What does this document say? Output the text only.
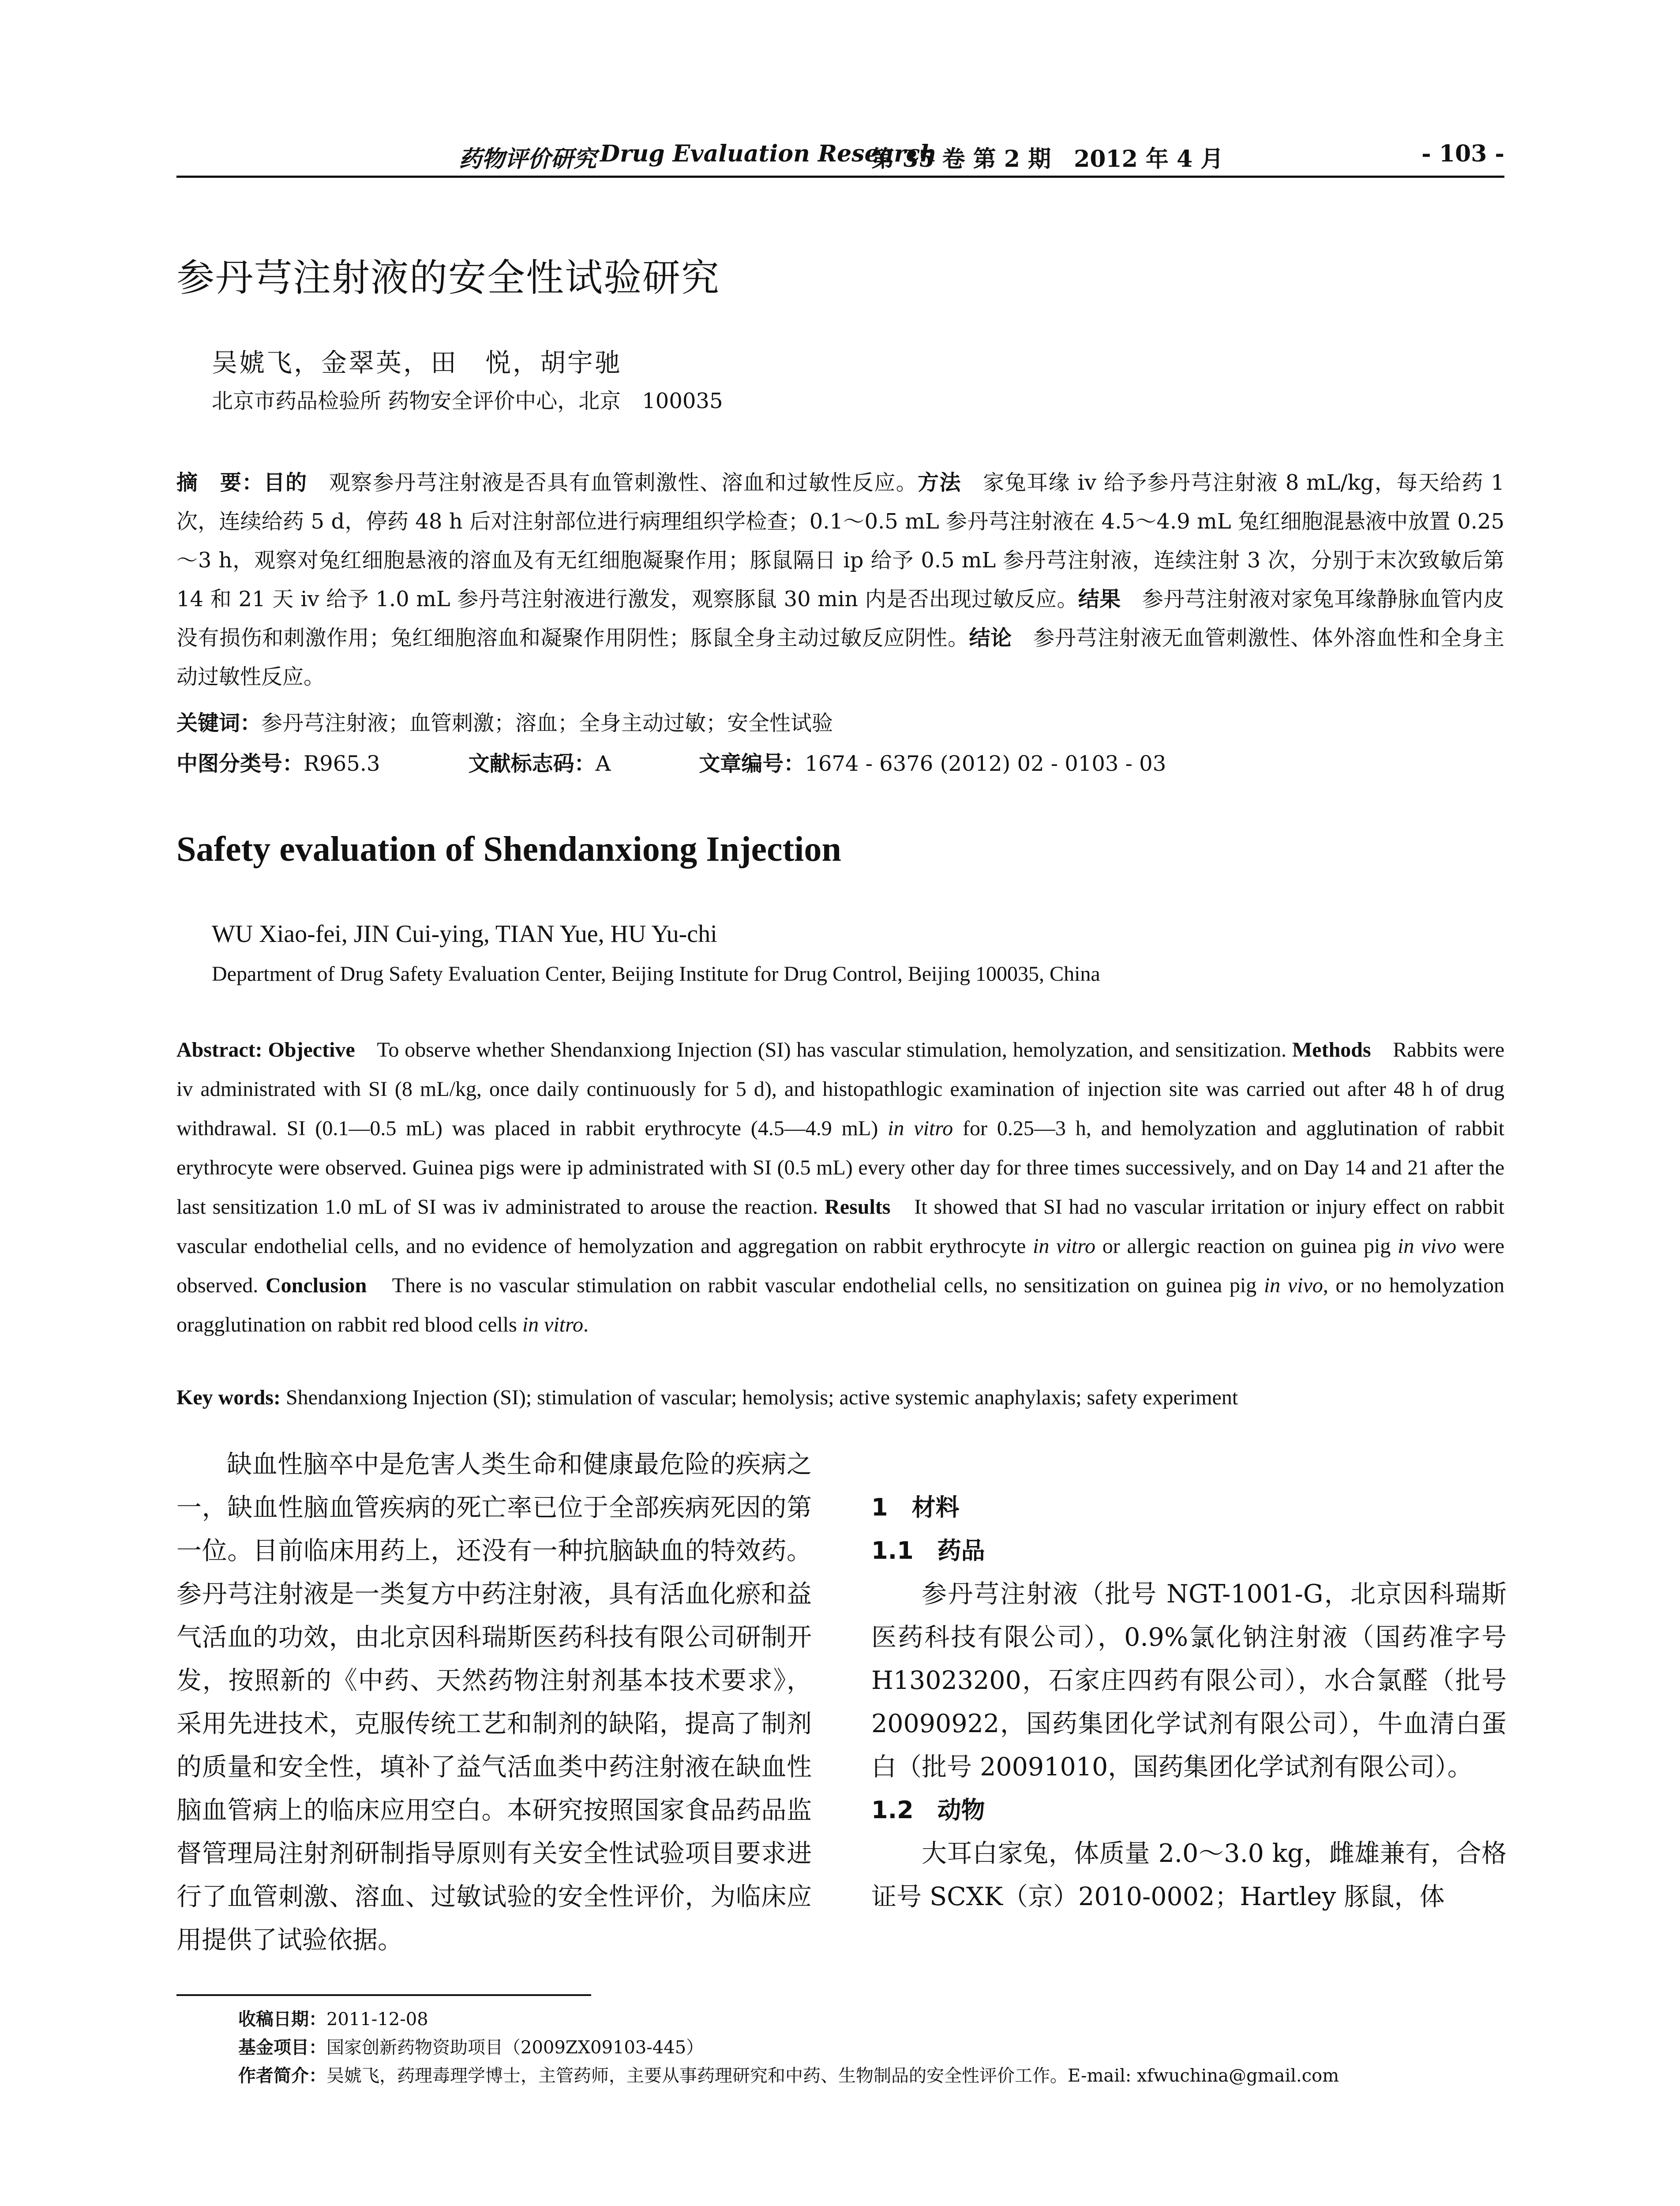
药物评价研究 Drug Evaluation Research
第 35 卷 第 2 期　2012 年 4 月	- 103 -
参丹芎注射液的安全性试验研究
吴婋飞，金翠英，田　悦，胡宇驰
北京市药品检验所 药物安全评价中心，北京　100035
摘　要：目的　观察参丹芎注射液是否具有血管刺激性、溶血和过敏性反应。方法　家兔耳缘 iv 给予参丹芎注射液 8 mL/kg，每天给药 1 次，连续给药 5 d，停药 48 h 后对注射部位进行病理组织学检查；0.1～0.5 mL 参丹芎注射液在 4.5～4.9 mL 兔红细胞混悬液中放置 0.25～3 h，观察对兔红细胞悬液的溶血及有无红细胞凝聚作用；豚鼠隔日 ip 给予 0.5 mL 参丹芎注射液，连续注射 3 次，分别于末次致敏后第 14 和 21 天 iv 给予 1.0 mL 参丹芎注射液进行激发，观察豚鼠 30 min 内是否出现过敏反应。结果　参丹芎注射液对家兔耳缘静脉血管内皮没有损伤和刺激作用；兔红细胞溶血和凝聚作用阴性；豚鼠全身主动过敏反应阴性。结论　参丹芎注射液无血管刺激性、体外溶血性和全身主动过敏性反应。
关键词：参丹芎注射液；血管刺激；溶血；全身主动过敏；安全性试验
中图分类号：R965.3	文献标志码：A	文章编号：1674 - 6376 (2012) 02 - 0103 - 03
Safety evaluation of Shendanxiong Injection
WU Xiao-fei, JIN Cui-ying, TIAN Yue, HU Yu-chi
Department of Drug Safety Evaluation Center, Beijing Institute for Drug Control, Beijing 100035, China
Abstract: Objective　To observe whether Shendanxiong Injection (SI) has vascular stimulation, hemolyzation, and sensitization. Methods　Rabbits were iv administrated with SI (8 mL/kg, once daily continuously for 5 d), and histopathlogic examination of injection site was carried out after 48 h of drug withdrawal. SI (0.1—0.5 mL) was placed in rabbit erythrocyte (4.5—4.9 mL) in vitro for 0.25—3 h, and hemolyzation and agglutination of rabbit erythrocyte were observed. Guinea pigs were ip administrated with SI (0.5 mL) every other day for three times successively, and on Day 14 and 21 after the last sensitization 1.0 mL of SI was iv administrated to arouse the reaction. Results　It showed that SI had no vascular irritation or injury effect on rabbit vascular endothelial cells, and no evidence of hemolyzation and aggregation on rabbit erythrocyte in vitro or allergic reaction on guinea pig in vivo were observed. Conclusion　There is no vascular stimulation on rabbit vascular endothelial cells, no sensitization on guinea pig in vivo, or no hemolyzation oragglutination on rabbit red blood cells in vitro.
Key words: Shendanxiong Injection (SI); stimulation of vascular; hemolysis; active systemic anaphylaxis; safety experiment
缺血性脑卒中是危害人类生命和健康最危险的疾病之一，缺血性脑血管疾病的死亡率已位于全部疾病死因的第一位。目前临床用药上，还没有一种抗脑缺血的特效药。参丹芎注射液是一类复方中药注射液，具有活血化瘀和益气活血的功效，由北京因科瑞斯医药科技有限公司研制开发，按照新的《中药、天然药物注射剂基本技术要求》，采用先进技术，克服传统工艺和制剂的缺陷，提高了制剂的质量和安全性，填补了益气活血类中药注射液在缺血性脑血管病上的临床应用空白。本研究按照国家食品药品监督管理局注射剂研制指导原则有关安全性试验项目要求进行了血管刺激、溶血、过敏试验的安全性评价，为临床应用提供了试验依据。
1　材料
1.1　药品
参丹芎注射液（批号 NGT-1001-G，北京因科瑞斯医药科技有限公司），0.9%氯化钠注射液（国药准字号 H13023200，石家庄四药有限公司），水合氯醛（批号 20090922，国药集团化学试剂有限公司），牛血清白蛋白（批号 20091010，国药集团化学试剂有限公司）。
1.2　动物
大耳白家兔，体质量 2.0～3.0 kg，雌雄兼有，合格证号 SCXK（京）2010-0002；Hartley 豚鼠，体
收稿日期：2011-12-08
基金项目：国家创新药物资助项目（2009ZX09103-445）
作者简介：吴婋飞，药理毒理学博士，主管药师，主要从事药理研究和中药、生物制品的安全性评价工作。E-mail: xfwuchina@gmail.com
